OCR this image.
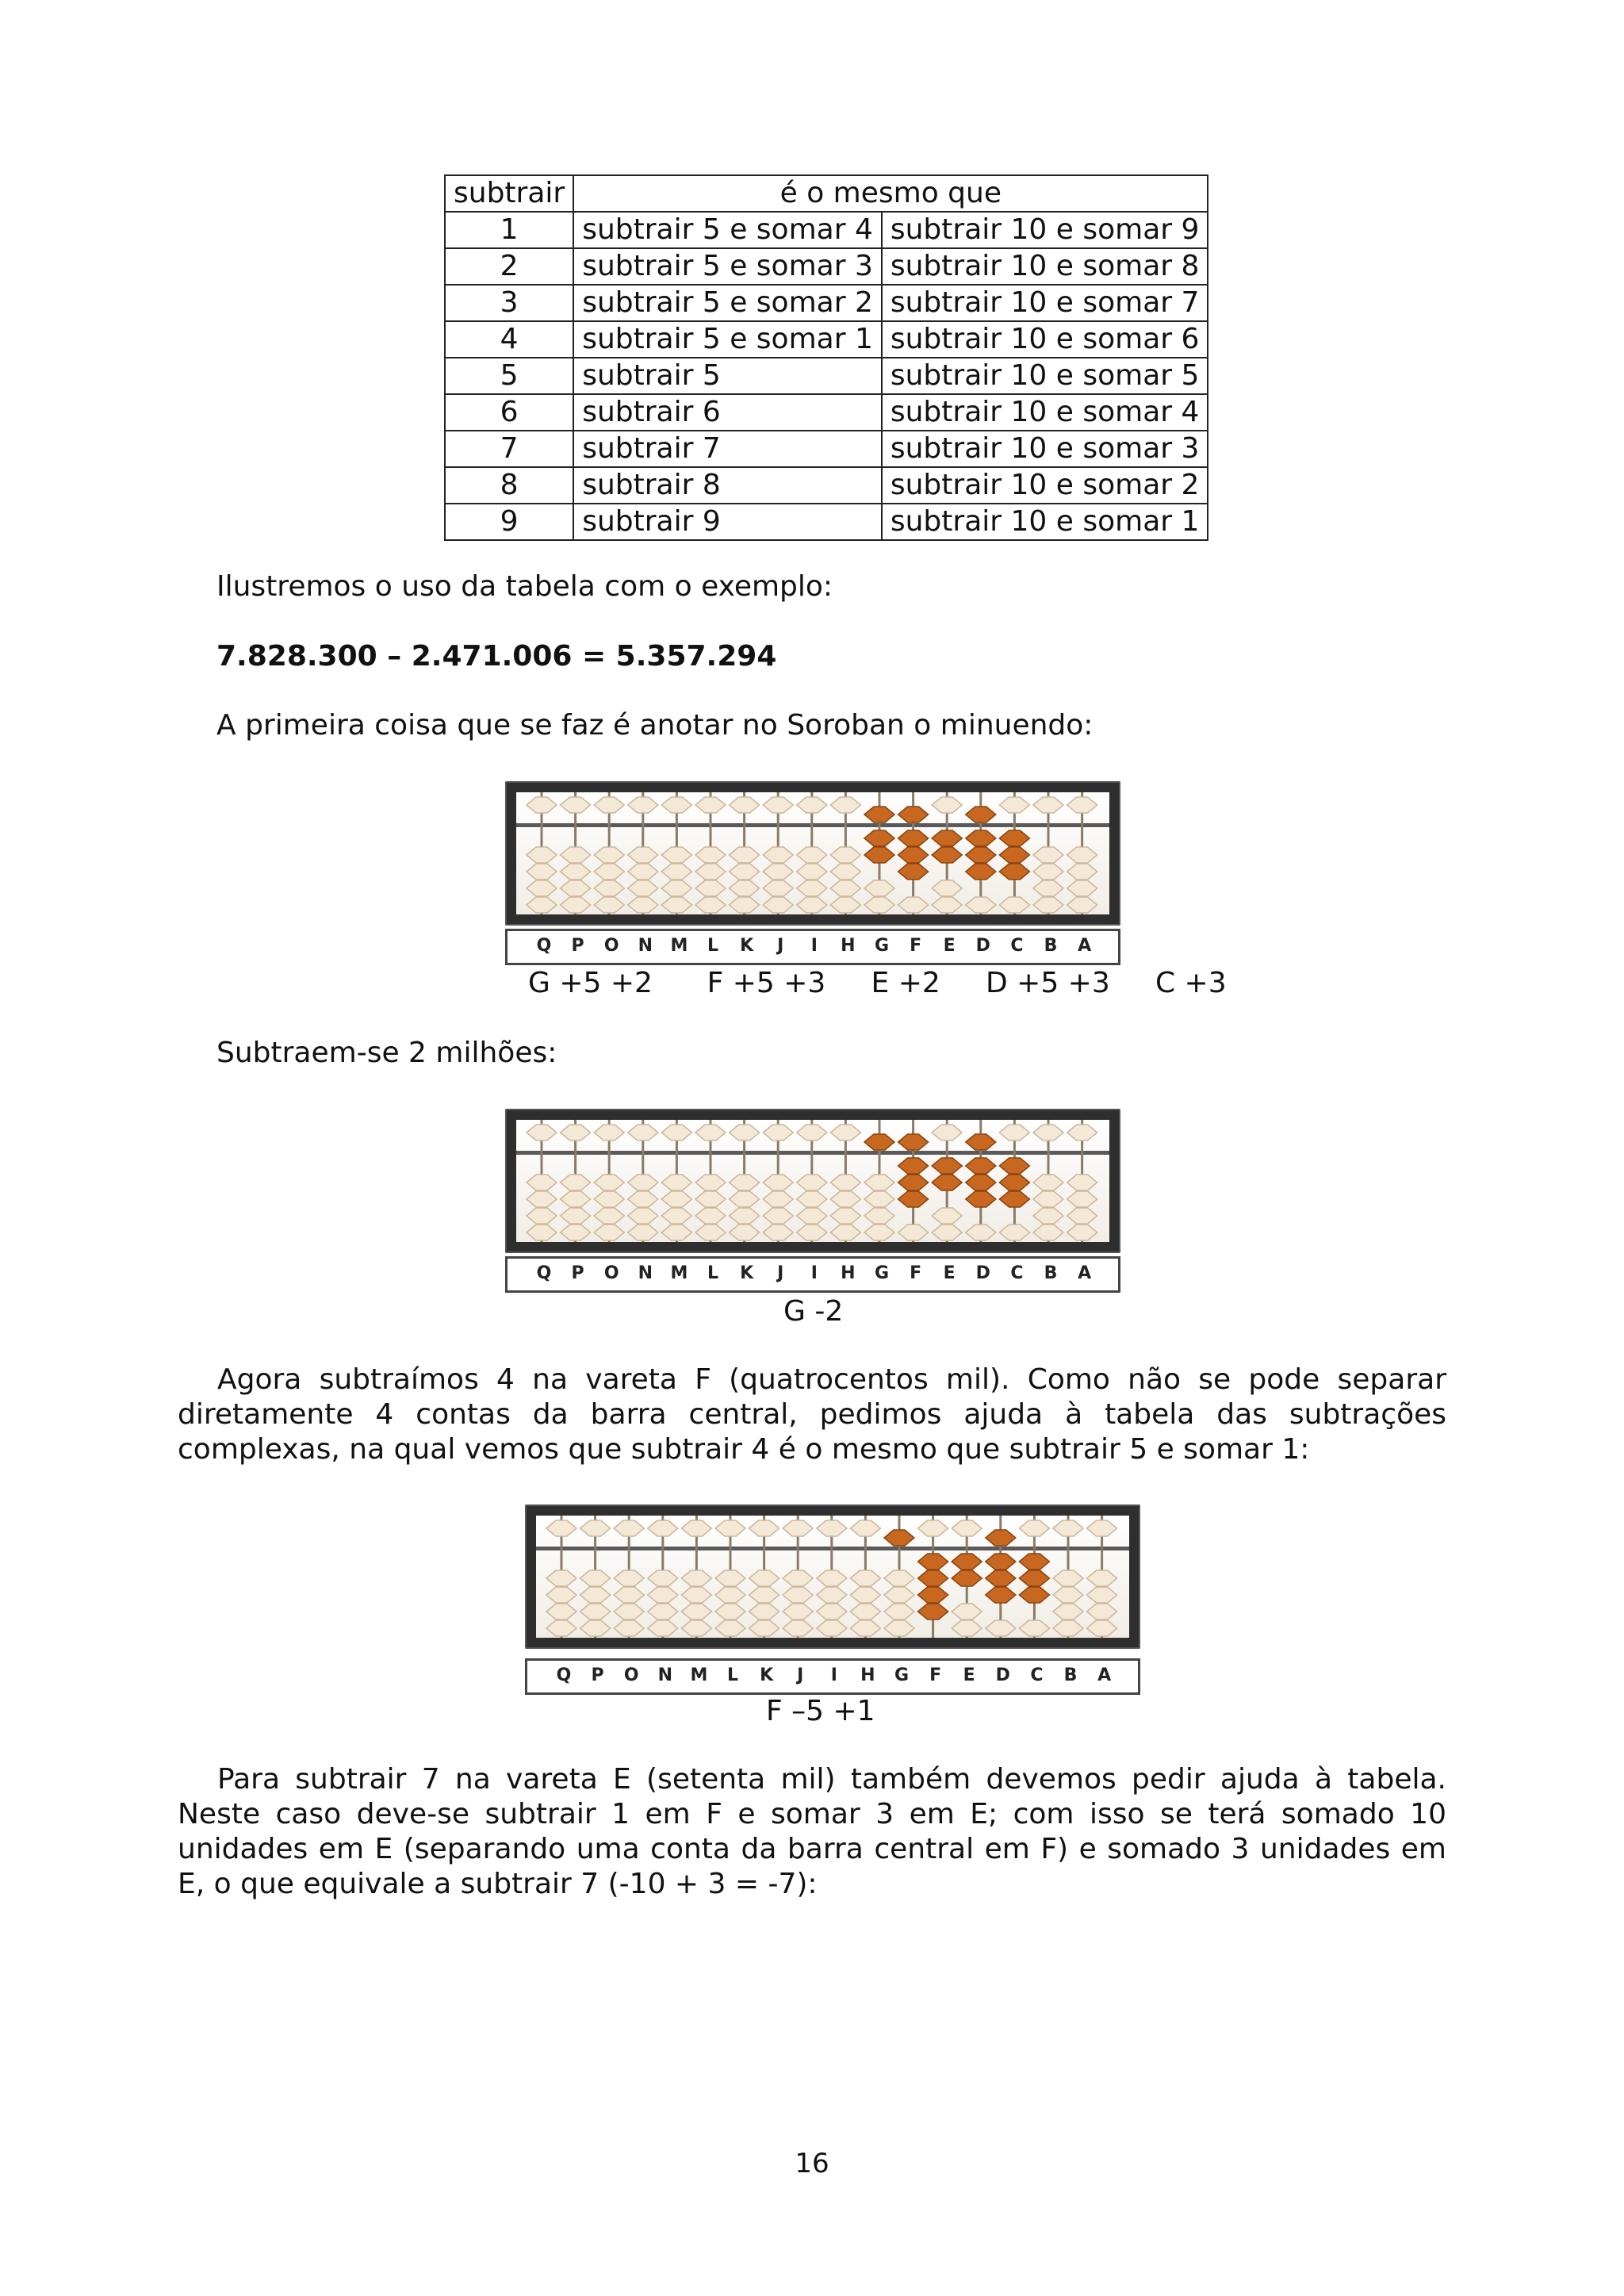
subtrair	é o mesmo que	
1	subtrair 5 e somar 4	subtrair 10 e somar 9
2	subtrair 5 e somar 3	subtrair 10 e somar 8
3	subtrair 5 e somar 2	subtrair 10 e somar 7
4	subtrair 5 e somar 1	subtrair 10 e somar 6
5	subtrair 5	subtrair 10 e somar 5
6	subtrair 6	subtrair 10 e somar 4
7	subtrair 7	subtrair 10 e somar 3
8	subtrair 8	subtrair 10 e somar 2
9	subtrair 9	subtrair 10 e somar 1
Ilustremos o uso da tabela com o exemplo:
7.828.300 – 2.471.006 = 5.357.294
A primeira coisa que se faz é anotar no Soroban o minuendo:
Q P O N M L K J I H G F E D C B A
G +5 +2      F +5 +3     E +2     D +5 +3     C +3
Subtraem-se 2 milhões:
Q P O N M L K J I H G F E D C B A
G -2
Agora subtraímos 4 na vareta F (quatrocentos mil). Como não se pode separar diretamente 4 contas da barra central, pedimos ajuda à tabela das subtrações complexas, na qual vemos que subtrair 4 é o mesmo que subtrair 5 e somar 1:
Q P O N M L K J I H G F E D C B A
F –5 +1
Para subtrair 7 na vareta E (setenta mil) também devemos pedir ajuda à tabela. Neste caso deve-se subtrair 1 em F e somar 3 em E; com isso se terá somado 10 unidades em E (separando uma conta da barra central em F) e somado 3 unidades em E, o que equivale a subtrair 7 (-10 + 3 = -7):
16
